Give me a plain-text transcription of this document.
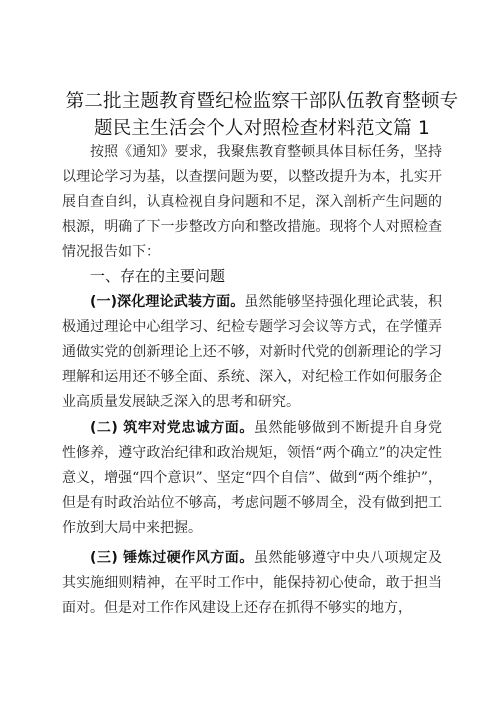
第二批主题教育暨纪检监察干部队伍教育整顿专题民主生活会个人对照检查材料范文篇 1
按照《通知》要求，我聚焦教育整顿具体目标任务，坚持以理论学习为基，以查摆问题为要，以整改提升为本，扎实开展自查自纠，认真检视自身问题和不足，深入剖析产生问题的根源，明确了下一步整改方向和整改措施。现将个人对照检查情况报告如下：
一、存在的主要问题
(一)深化理论武装方面。虽然能够坚持强化理论武装，积极通过理论中心组学习、纪检专题学习会议等方式，在学懂弄通做实党的创新理论上还不够，对新时代党的创新理论的学习理解和运用还不够全面、系统、深入，对纪检工作如何服务企业高质量发展缺乏深入的思考和研究。
(二) 筑牢对党忠诚方面。虽然能够做到不断提升自身党性修养，遵守政治纪律和政治规矩，领悟“两个确立”的决定性意义，增强“四个意识”、坚定“四个自信”、做到“两个维护”，但是有时政治站位不够高，考虑问题不够周全，没有做到把工作放到大局中来把握。
(三) 锤炼过硬作风方面。虽然能够遵守中央八项规定及其实施细则精神，在平时工作中，能保持初心使命，敢于担当面对。但是对工作作风建设上还存在抓得不够实的地方，
